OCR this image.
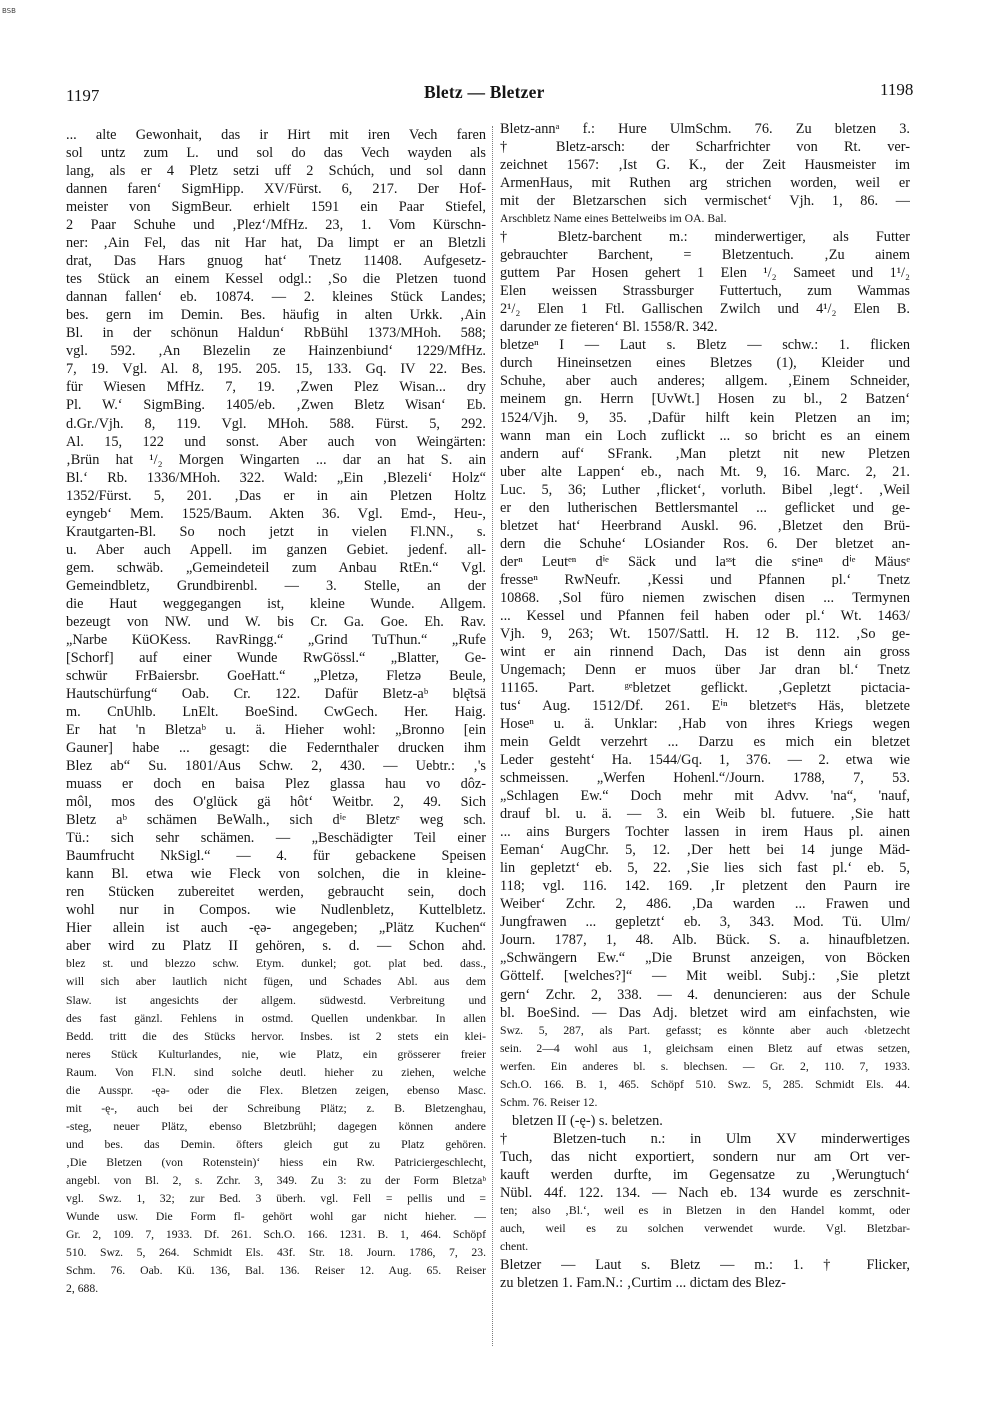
BSB
1197	Bletz — Bletzer	1198
... alte Gewonhait, das ir Hirt mit iren Vech faren
sol untz zum L. und sol do das Vech wayden als
lang, als er 4 Pletz setzi uff 2 Schúch, und sol dann
dannen faren‘ SigmHipp. XV/Fürst. 6, 217. Der Hof-
meister von SigmBeur. erhielt 1591 ein Paar Stiefel,
2 Paar Schuhe und ‚Plez‘/MfHz. 23, 1. Vom Kürschn-
ner: ‚Ain Fel, das nit Har hat, Da limpt er an Bletzli
drat, Das Hars gnuog hat‘ Tnetz 11408. Aufgesetz-
tes Stück an einem Kessel odgl.: ‚So die Pletzen tuond
dannan fallen‘ eb. 10874. — 2. kleines Stück Landes;
bes. gern im Demin. Bes. häufig in alten Urkk. ‚Ain
Bl. in der schönun Haldun‘ RbBühl 1373/MHoh. 588;
vgl. 592. ‚An Blezelin ze Hainzenbiund‘ 1229/MfHz.
7, 19. Vgl. Al. 8, 195. 205. 15, 133. Gq. IV 22. Bes.
für Wiesen MfHz. 7, 19. ‚Zwen Plez Wisan... dry
Pl. W.‘ SigmBing. 1405/eb. ‚Zwen Bletz Wisan‘ Eb.
d.Gr./Vjh. 8, 119. Vgl. MHoh. 588. Fürst. 5, 292.
Al. 15, 122 und sonst. Aber auch von Weingärten:
‚Brün hat ¹/₂ Morgen Wingarten ... dar an hat S. ain
Bl.‘ Rb. 1336/MHoh. 322. Wald: „Ein ‚Blezeli‘ Holz“
1352/Fürst. 5, 201. ‚Das er in ain Pletzen Holtz
eyngeb‘ Mem. 1525/Baum. Akten 36. Vgl. Emd-, Heu-,
Krautgarten-Bl. So noch jetzt in vielen Fl.NN., s.
u. Aber auch Appell. im ganzen Gebiet. jedenf. all-
gem. schwäb. „Gemeindeteil zum Anbau RtEn.“ Vgl.
Gemeindbletz, Grundbirenbl. — 3. Stelle, an der
die Haut weggegangen ist, kleine Wunde. Allgem.
bezeugt von NW. und W. bis Cr. Ga. Goe. Eh. Rav.
„Narbe KüOKess. RavRingg.“ „Grind TuThun.“ „Rufe
[Schorf] auf einer Wunde RwGössl.“ „Blatter, Ge-
schwür FrBaiersbr. GoeHatt.“ „Pletzə, Fletzə Beule,
Hautschürfung“ Oab. Cr. 122. Dafür Bletz-aᵇ blę̄tsä
m. CnUhlb. LnElt. BoeSind. CwGech. Her. Haig.
Er hat 'n Bletzaᵇ u. ä. Hieher wohl: „Bronno [ein
Gauner] habe ... gesagt: die Federnthaler drucken ihm
Blez ab“ Su. 1801/Aus Schw. 2, 430. — Uebtr.: ‚'s
muass er doch en baisa Plez glassa hau vo dôz-
môl, mos des O'glück gä hôt‘ Weitbr. 2, 49. Sich
Bletz aᵇ schämen BeWalh., sich dⁱᵉ Bletzᵉ weg sch.
Tü.: sich sehr schämen. — „Beschädigter Teil einer
Baumfrucht NkSigl.“ — 4. für gebackene Speisen
kann Bl. etwa wie Fleck von solchen, die in kleine-
ren Stücken zubereitet werden, gebraucht sein, doch
wohl nur in Compos. wie Nudlenbletz, Kuttelbletz.
Hier allein ist auch -ęə- angegeben; „Plätz Kuchen“
aber wird zu Platz II gehören, s. d. — Schon ahd.
blez st. und blezzo schw. Etym. dunkel; got. plat bed. dass.,
will sich aber lautlich nicht fügen, und Schades Abl. aus dem
Slaw. ist angesichts der allgem. südwestd. Verbreitung und
des fast gänzl. Fehlens in ostmd. Quellen undenkbar. In allen
Bedd. tritt die des Stücks hervor. Insbes. ist 2 stets ein klei-
neres Stück Kulturlandes, nie, wie Platz, ein grösserer freier
Raum. Von Fl.N. sind solche deutl. hieher zu ziehen, welche
die Ausspr. -ęə- oder die Flex. Bletzen zeigen, ebenso Masc.
mit -ę-, auch bei der Schreibung Plätz; z. B. Bletzenghau,
-steg, neuer Plätz, ebenso Bletzbrühl; dagegen können andere
und bes. das Demin. öfters gleich gut zu Platz gehören.
‚Die Bletzen (von Rotenstein)‘ hiess ein Rw. Patriciergeschlecht,
angebl. von Bl. 2, s. Zchr. 3, 349. Zu 3: zu der Form Bletzaᵇ
vgl. Swz. 1, 32; zur Bed. 3 überh. vgl. Fell = pellis und =
Wunde usw. Die Form fl- gehört wohl gar nicht hieher. —
Gr. 2, 109. 7, 1933. Df. 261. Sch.O. 166. 1231. B. 1, 464. Schöpf
510. Swz. 5, 264. Schmidt Els. 43f. Str. 18. Journ. 1786, 7, 23.
Schm. 76. Oab. Kü. 136, Bal. 136. Reiser 12. Aug. 65. Reiser
2, 688.
Bletz-annᵃ f.: Hure UlmSchm. 76. Zu bletzen 3.
† Bletz-arsch: der Scharfrichter von Rt. ver-
zeichnet 1567: ‚Ist G. K., der Zeit Hausmeister im
ArmenHaus, mit Ruthen arg strichen worden, weil er
mit der Bletzarschen sich vermischet‘ Vjh. 1, 86. —
Arschbletz Name eines Bettelweibs im OA. Bal.
† Bletz-barchent m.: minderwertiger, als Futter
gebrauchter Barchent, = Bletzentuch. ‚Zu ainem
guttem Par Hosen gehert 1 Elen ¹/₂ Sameet und 1¹/₂
Elen weissen Strassburger Futtertuch, zum Wammas
2¹/₂ Elen 1 Ftl. Gallischen Zwilch und 4¹/₂ Elen B.
darunder ze fieteren‘ Bl. 1558/R. 342.
bletzeⁿ I — Laut s. Bletz — schw.: 1. flicken
durch Hineinsetzen eines Bletzes (1), Kleider und
Schuhe, aber auch anderes; allgem. ‚Einem Schneider,
meinem gn. Herrn [UvWt.] Hosen zu bl., 2 Batzen‘
1524/Vjh. 9, 35. ‚Dafür hilft kein Pletzen an im;
wann man ein Loch zuflickt ... so bricht es an einem
andern auf‘ SFrank. ‚Man pletzt nit new Pletzen
uber alte Lappen‘ eb., nach Mt. 9, 16. Marc. 2, 21.
Luc. 5, 36; Luther ‚flicket‘, vorluth. Bibel ‚legt‘. ‚Weil
er den lutherischen Bettlersmantel ... geflicket und ge-
bletzet hat‘ Heerbrand Auskl. 96. ‚Bletzet den Brü-
dern die Schuhe‘ LOsiander Ros. 6. Der bletzet an-
derⁿ Leutᵉⁿ dⁱᵉ Säck und laˢˢt die sᵉineⁿ dⁱᵉ Mäusᵉ
fresseⁿ RwNeufr. ‚Kessi und Pfannen pl.‘ Tnetz
10868. ‚Sol füro niemen zwischen disen ... Termynen
... Kessel und Pfannen feil haben oder pl.‘ Wt. 1463/
Vjh. 9, 263; Wt. 1507/Sattl. H. 12 B. 112. ‚So ge-
wint er ain rinnend Dach, Das ist denn ain gross
Ungemach; Denn er muos über Jar dran bl.‘ Tnetz
11165. Part. ᵍᵉbletzet geflickt. ‚Gepletzt pictacia-
tus‘ Aug. 1512/Df. 261. Eⁱⁿ bletzetᵉs Häs, bletzete
Hoseⁿ u. ä. Unklar: ‚Hab von ihres Kriegs wegen
mein Geldt verzehrt ... Darzu es mich ein bletzet
Leder gesteht‘ Ha. 1544/Gq. 1, 376. — 2. etwa wie
schmeissen. „Werfen Hohenl.“/Journ. 1788, 7, 53.
„Schlagen Ew.“ Doch mehr mit Advv. 'na“, 'nauf,
drauf bl. u. ä. — 3. ein Weib bl. futuere. ‚Sie hatt
... ains Burgers Tochter lassen in irem Haus pl. ainen
Eeman‘ AugChr. 5, 12. ‚Der hett bei 14 junge Mäd-
lin gepletzt‘ eb. 5, 22. ‚Sie lies sich fast pl.‘ eb. 5,
118; vgl. 116. 142. 169. ‚Ir pletzent den Paurn ire
Weiber‘ Zchr. 2, 486. ‚Da warden ... Frawen und
Jungfrawen ... gepletzt‘ eb. 3, 343. Mod. Tü. Ulm/
Journ. 1787, 1, 48. Alb. Bück. S. a. hinaufbletzen.
„Schwängern Ew.“ „Die Brunst anzeigen, von Böcken
Göttelf. [welches?]“ — Mit weibl. Subj.: ‚Sie pletzt
gern‘ Zchr. 2, 338. — 4. denuncieren: aus der Schule
bl. BoeSind. — Das Adj. bletzet wird am einfachsten, wie
Swz. 5, 287, als Part. gefasst; es könnte aber auch ‹bletzecht
sein. 2—4 wohl aus 1, gleichsam einen Bletz auf etwas setzen,
werfen. Ein anderes bl. s. blechsen. — Gr. 2, 110. 7, 1933.
Sch.O. 166. B. 1, 465. Schöpf 510. Swz. 5, 285. Schmidt Els. 44.
Schm. 76. Reiser 12.
bletzen II (-ę-) s. beletzen.
† Bletzen-tuch n.: in Ulm XV minderwertiges
Tuch, das nicht exportiert, sondern nur am Ort ver-
kauft werden durfte, im Gegensatze zu ‚Werungtuch‘
Nübl. 44f. 122. 134. — Nach eb. 134 wurde es zerschnit-
ten; also ‚Bl.‘, weil es in Bletzen in den Handel kommt, oder
auch, weil es zu solchen verwendet wurde. Vgl. Bletzbar-
chent.
Bletzer — Laut s. Bletz — m.: 1. † Flicker,
zu bletzen 1. Fam.N.: ‚Curtim ... dictam des Blez-
